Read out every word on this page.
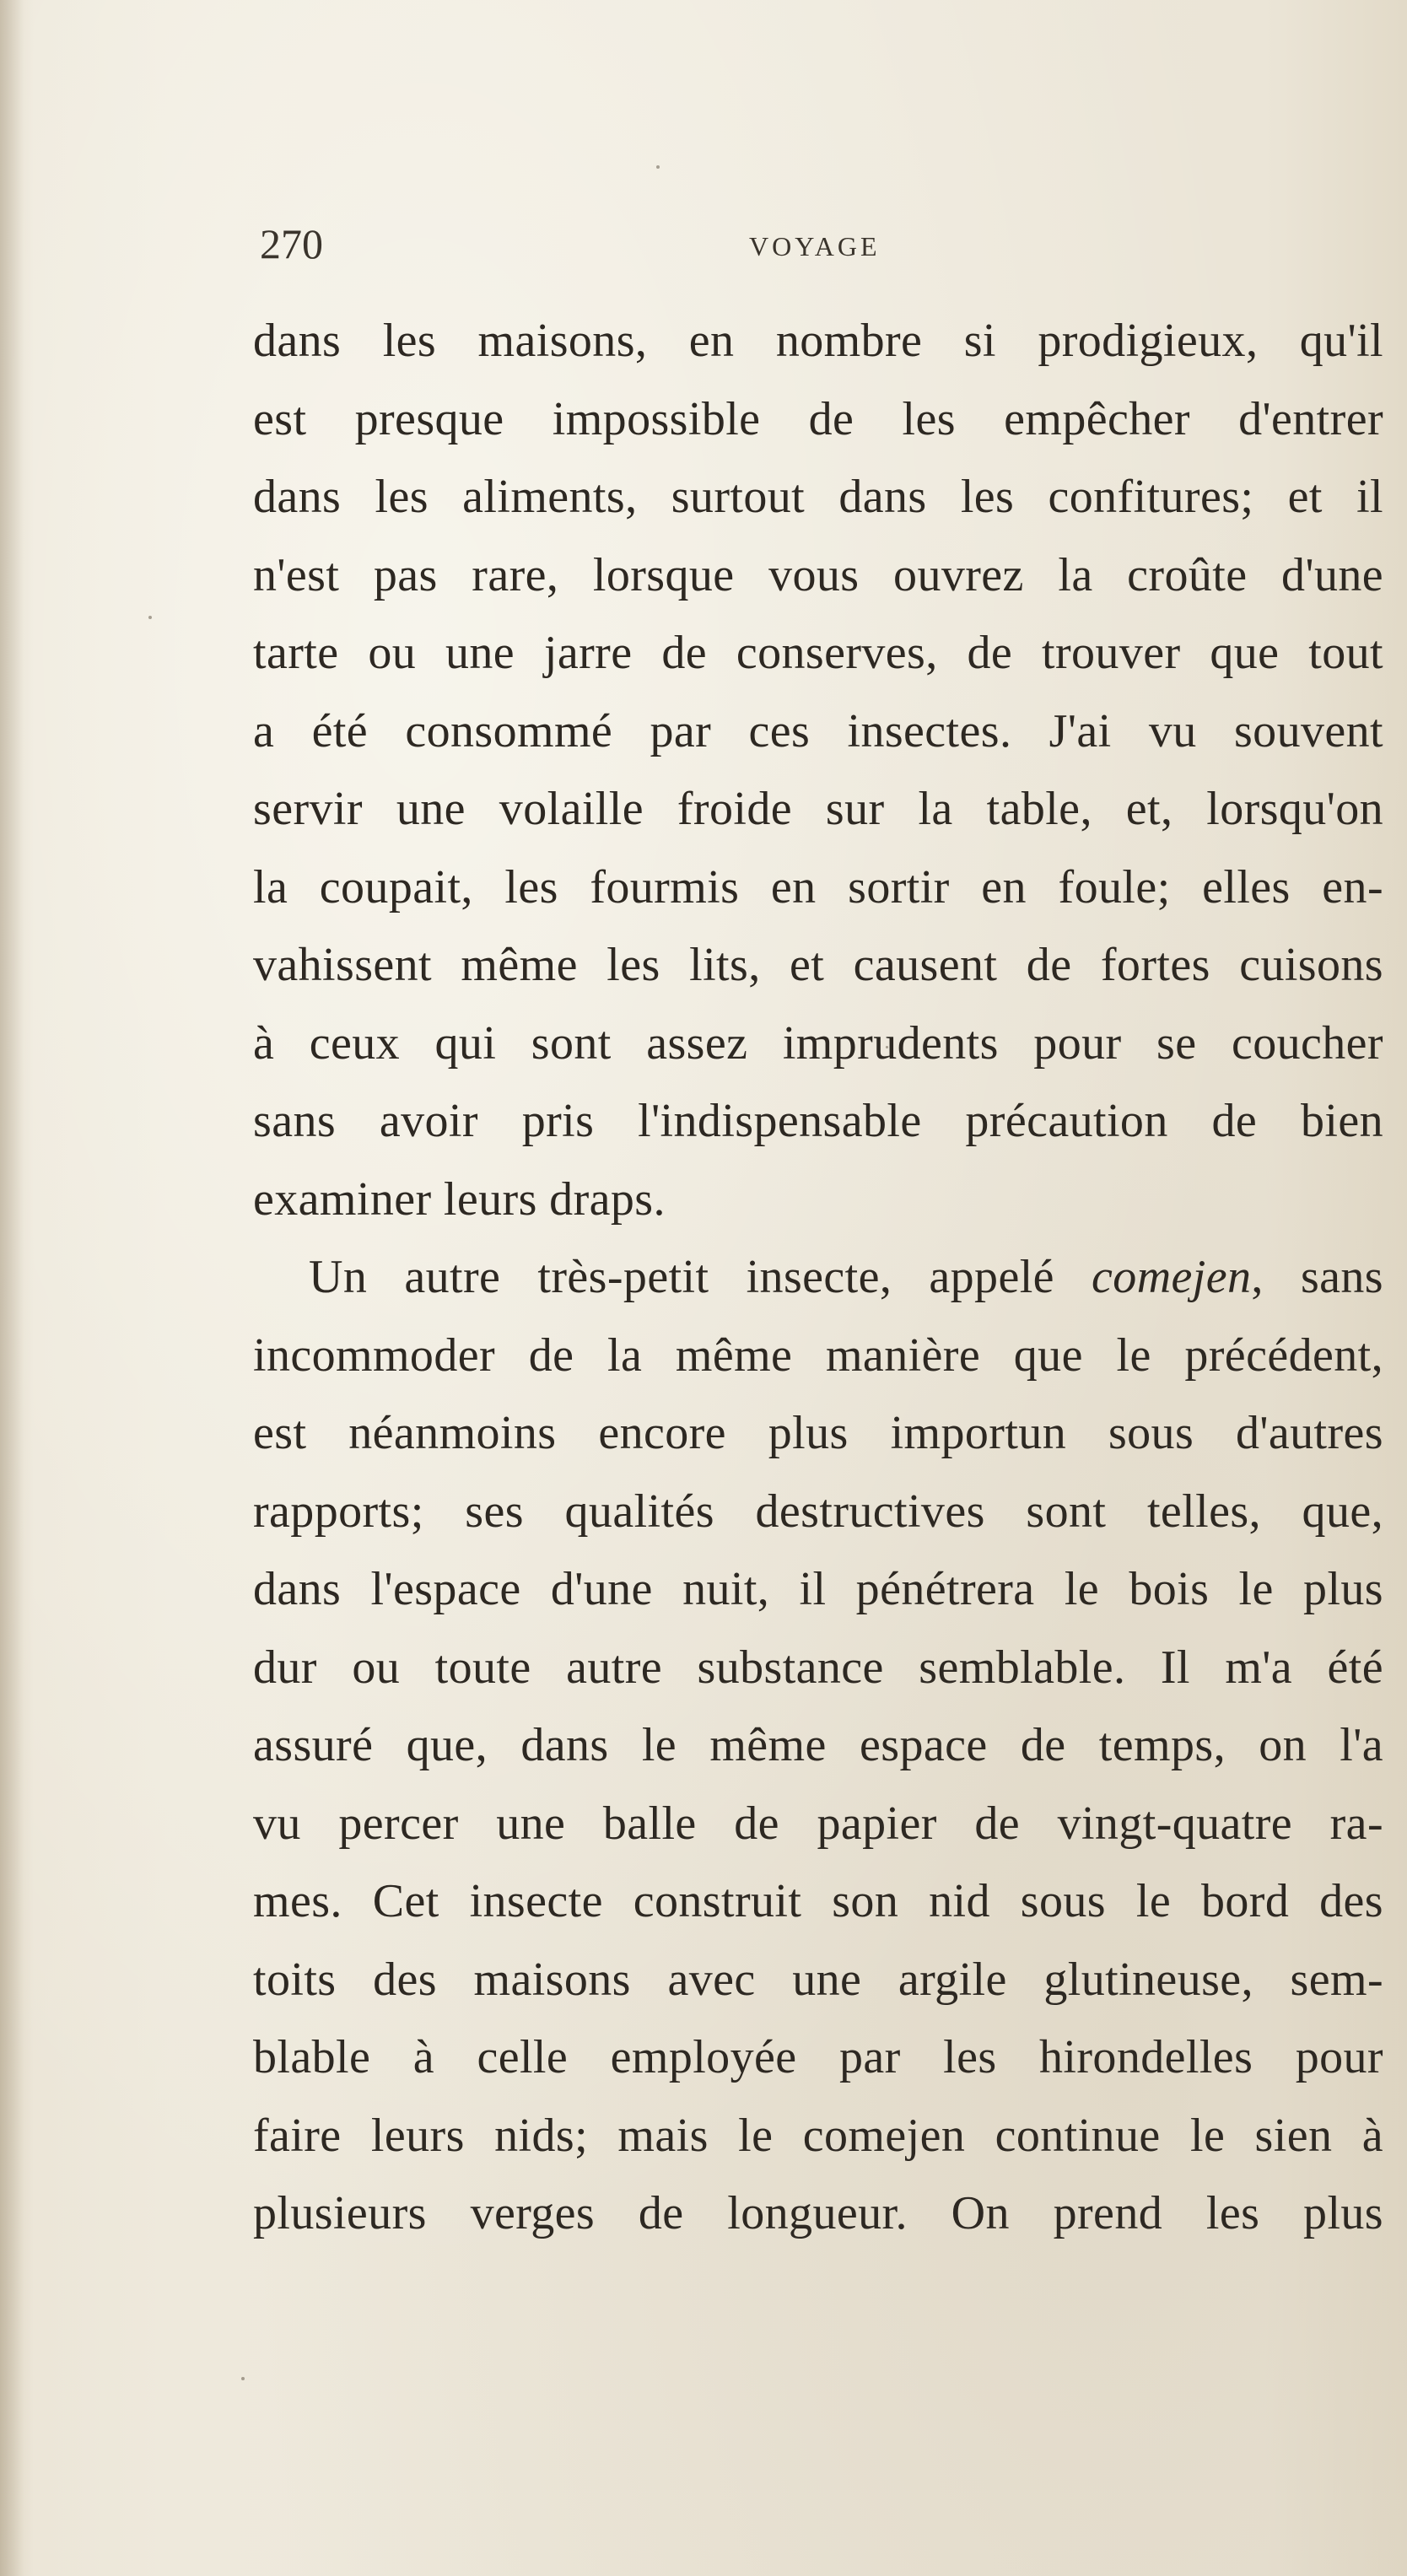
270	VOYAGE
dans les maisons, en nombre si prodigieux, qu'il
est presque impossible de les empêcher d'entrer
dans les aliments, surtout dans les confitures; et il
n'est pas rare, lorsque vous ouvrez la croûte d'une
tarte ou une jarre de conserves, de trouver que tout
a été consommé par ces insectes. J'ai vu souvent
servir une volaille froide sur la table, et, lorsqu'on
la coupait, les fourmis en sortir en foule; elles en-
vahissent même les lits, et causent de fortes cuisons
à ceux qui sont assez imprudents pour se coucher
sans avoir pris l'indispensable précaution de bien
examiner leurs draps.
Un autre très-petit insecte, appelé comejen, sans
incommoder de la même manière que le précédent,
est néanmoins encore plus importun sous d'autres
rapports; ses qualités destructives sont telles, que,
dans l'espace d'une nuit, il pénétrera le bois le plus
dur ou toute autre substance semblable. Il m'a été
assuré que, dans le même espace de temps, on l'a
vu percer une balle de papier de vingt-quatre ra-
mes. Cet insecte construit son nid sous le bord des
toits des maisons avec une argile glutineuse, sem-
blable à celle employée par les hirondelles pour
faire leurs nids; mais le comejen continue le sien à
plusieurs verges de longueur. On prend les plus
